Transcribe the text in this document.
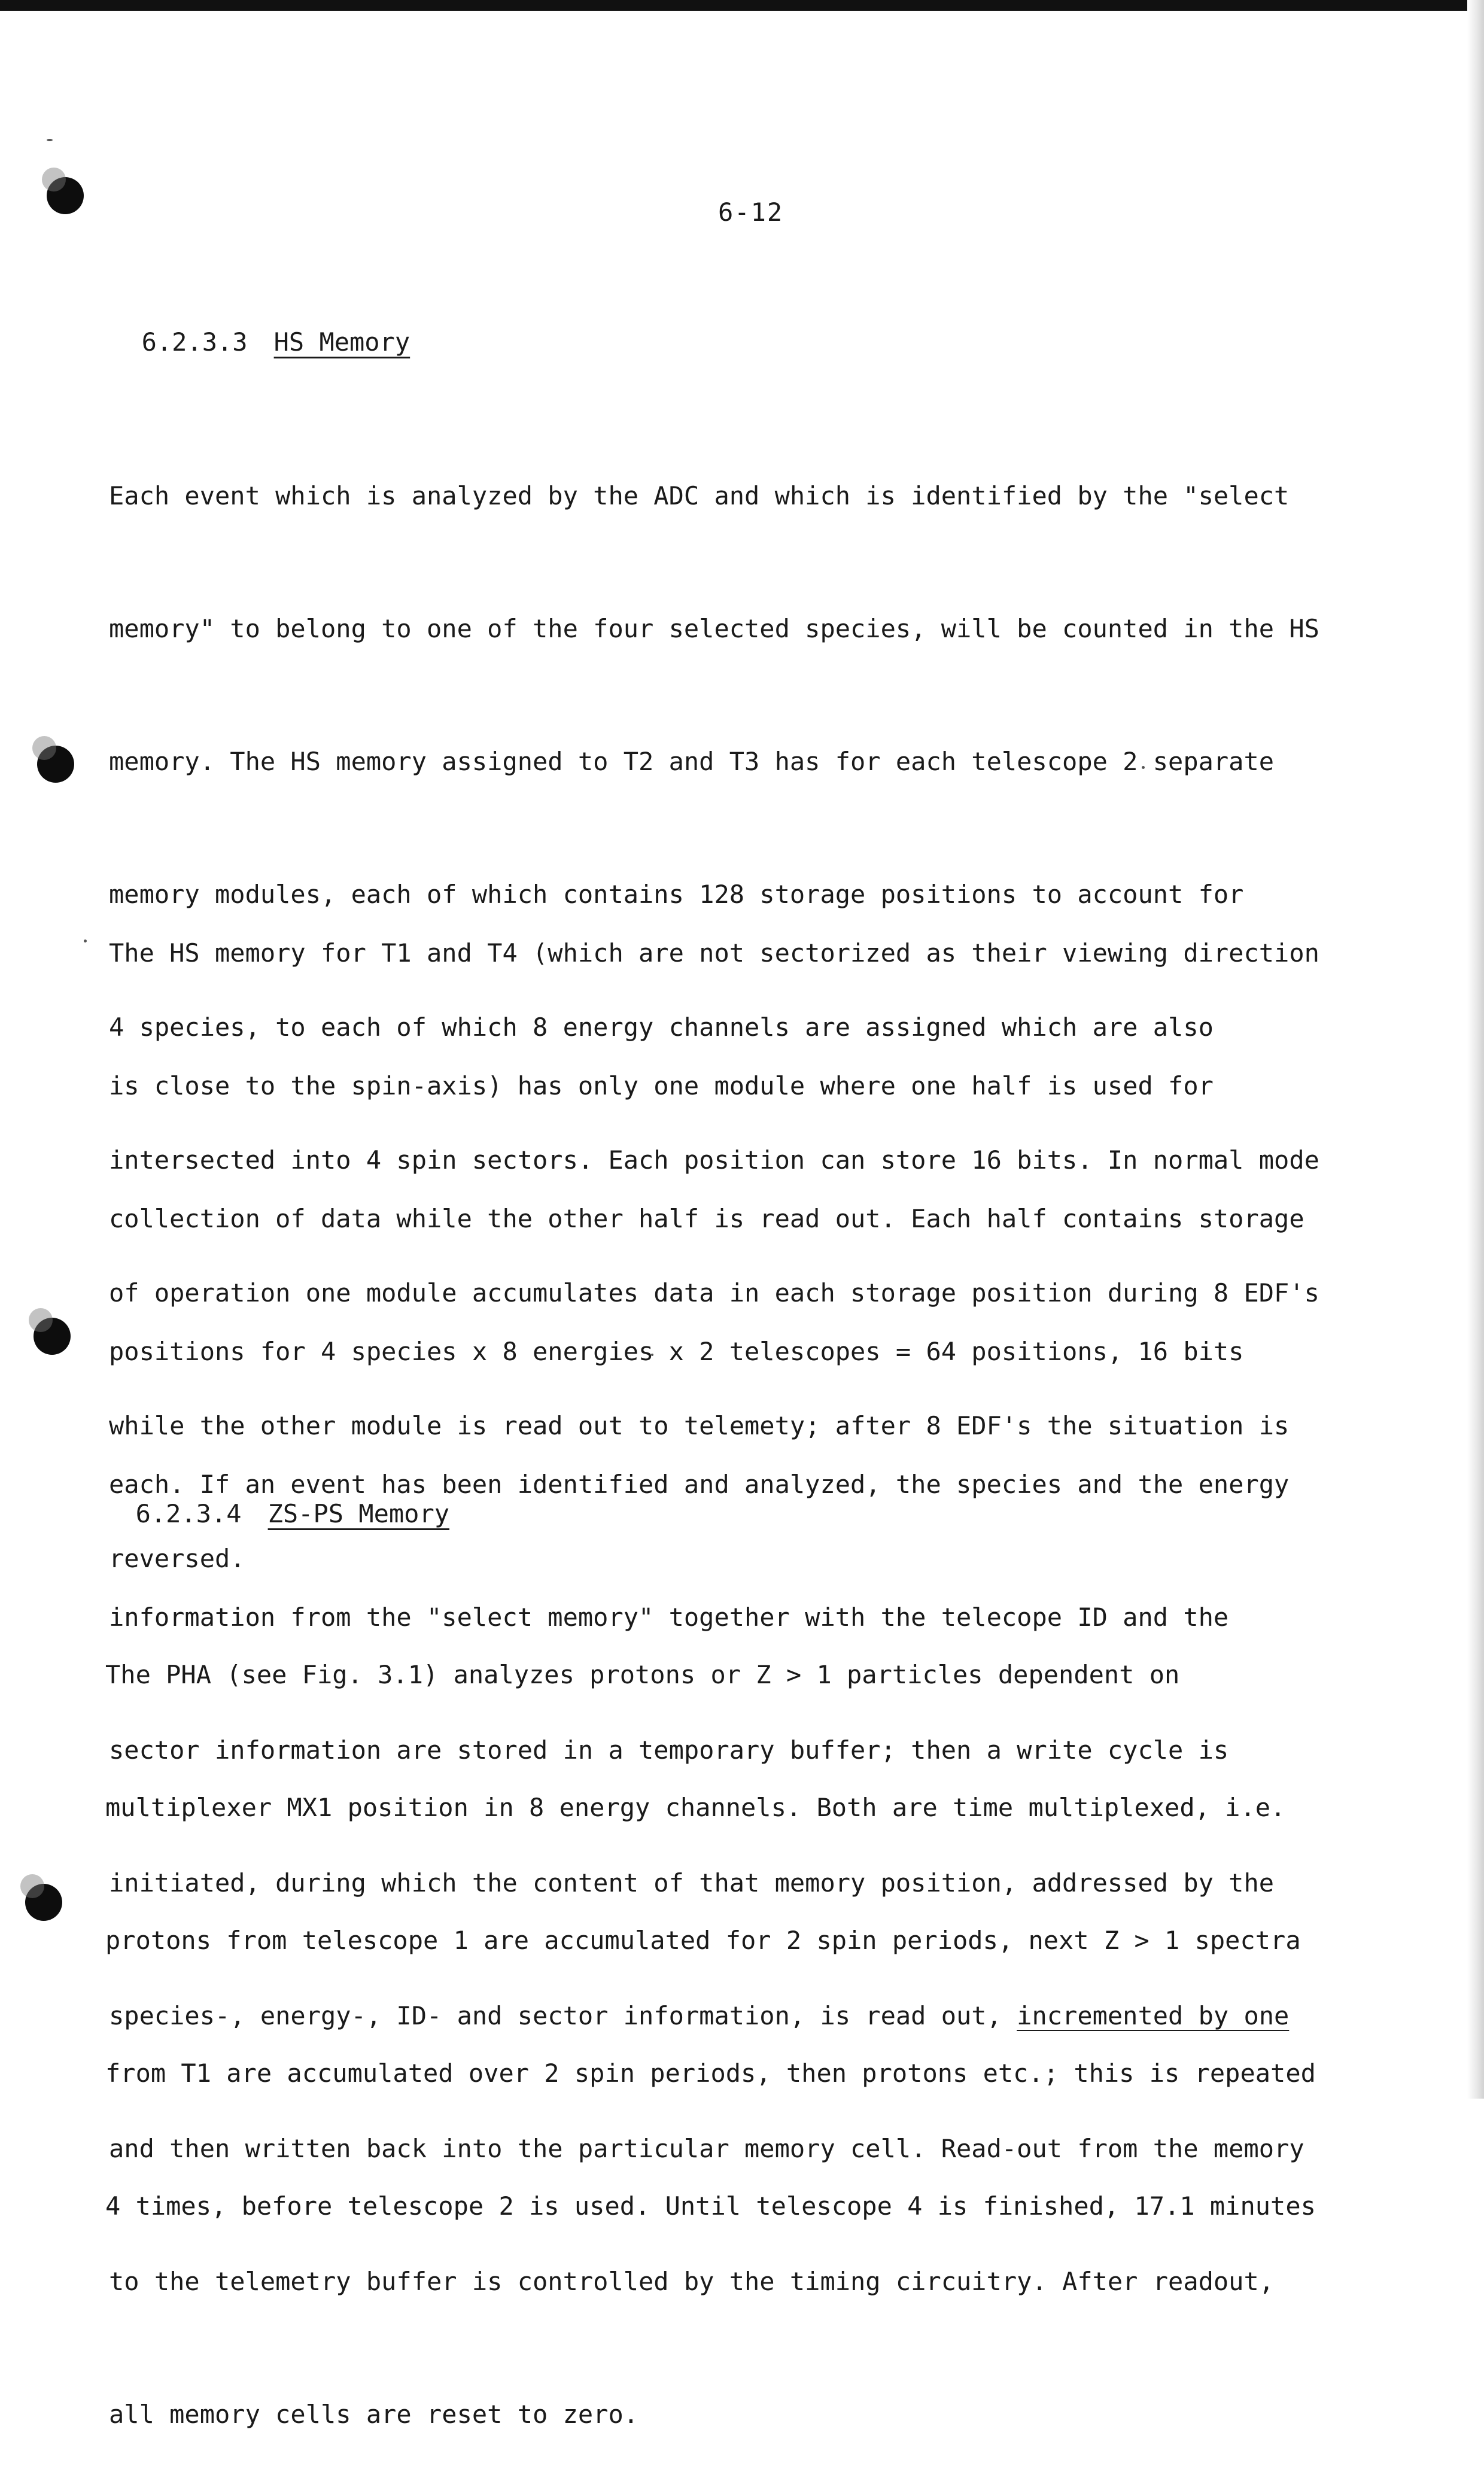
6-12

6.2.3.3 HS Memory

Each event which is analyzed by the ADC and which is identified by the "select

memory" to belong to one of the four selected species, will be counted in the HS

memory. The HS memory assigned to T2 and T3 has for each telescope 2 separate

memory modules, each of which contains 128 storage positions to account for

4 species, to each of which 8 energy channels are assigned which are also

intersected into 4 spin sectors. Each position can store 16 bits. In normal mode

of operation one module accumulates data in each storage position during 8 EDF's

while the other module is read out to telemety; after 8 EDF's the situation is

reversed.

The HS memory for T1 and T4 (which are not sectorized as their viewing direction

is close to the spin-axis) has only one module where one half is used for

collection of data while the other half is read out. Each half contains storage

positions for 4 species x 8 energies x 2 telescopes = 64 positions, 16 bits

each. If an event has been identified and analyzed, the species and the energy

information from the "select memory" together with the telecope ID and the

sector information are stored in a temporary buffer; then a write cycle is

initiated, during which the content of that memory position, addressed by the

species-, energy-, ID- and sector information, is read out, incremented by one

and then written back into the particular memory cell. Read-out from the memory

to the telemetry buffer is controlled by the timing circuitry. After readout,

all memory cells are reset to zero.

6.2.3.4 ZS-PS Memory

The PHA (see Fig. 3.1) analyzes protons or Z > 1 particles dependent on

multiplexer MX1 position in 8 energy channels. Both are time multiplexed, i.e.

protons from telescope 1 are accumulated for 2 spin periods, next Z > 1 spectra

from T1 are accumulated over 2 spin periods, then protons etc.; this is repeated

4 times, before telescope 2 is used. Until telescope 4 is finished, 17.1 minutes
